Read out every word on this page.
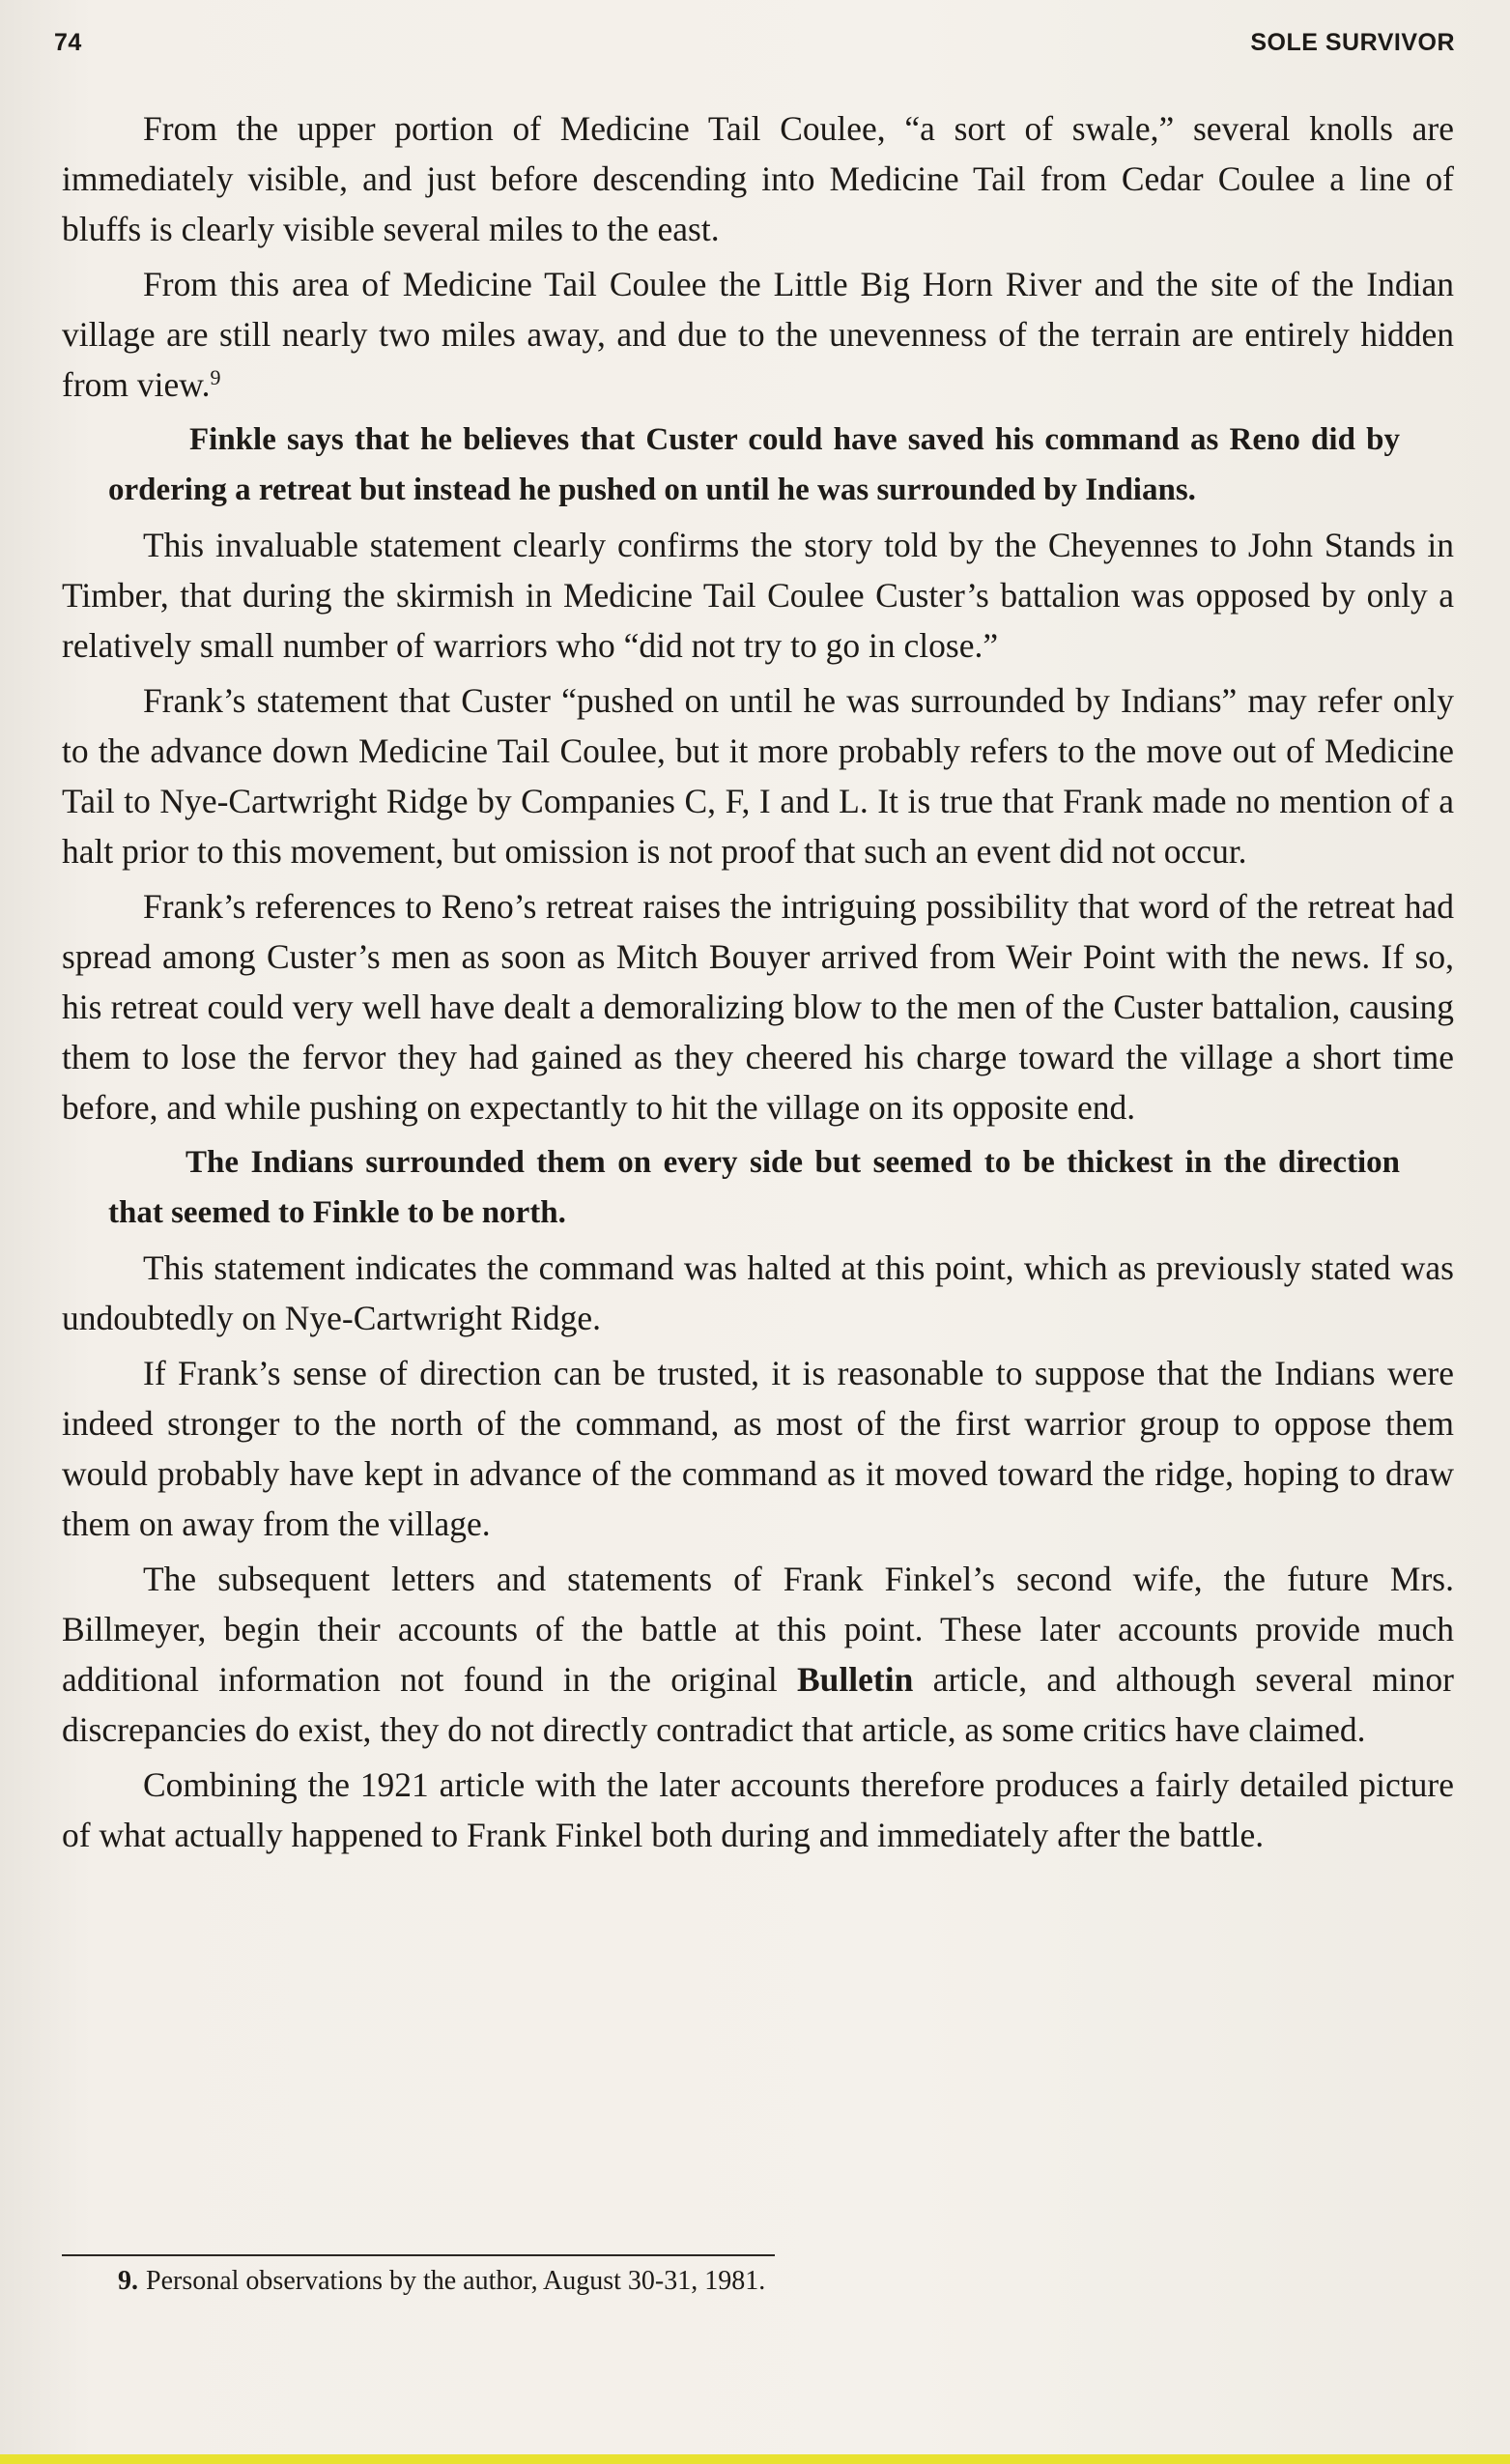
74	SOLE SURVIVOR

From the upper portion of Medicine Tail Coulee, “a sort of swale,” several knolls are immediately visible, and just before descending into Medicine Tail from Cedar Coulee a line of bluffs is clearly visible several miles to the east.

From this area of Medicine Tail Coulee the Little Big Horn River and the site of the Indian village are still nearly two miles away, and due to the unevenness of the terrain are entirely hidden from view.$^9$

Finkle says that he believes that Custer could have saved his command as Reno did by ordering a retreat but instead he pushed on until he was surrounded by Indians.

This invaluable statement clearly confirms the story told by the Cheyennes to John Stands in Timber, that during the skirmish in Medicine Tail Coulee Custer’s battalion was opposed by only a relatively small number of warriors who “did not try to go in close.”

Frank’s statement that Custer “pushed on until he was surrounded by Indians” may refer only to the advance down Medicine Tail Coulee, but it more probably refers to the move out of Medicine Tail to Nye-Cartwright Ridge by Companies C, F, I and L. It is true that Frank made no mention of a halt prior to this movement, but omission is not proof that such an event did not occur.

Frank’s references to Reno’s retreat raises the intriguing possibility that word of the retreat had spread among Custer’s men as soon as Mitch Bouyer arrived from Weir Point with the news. If so, his retreat could very well have dealt a demoralizing blow to the men of the Custer battalion, causing them to lose the fervor they had gained as they cheered his charge toward the village a short time before, and while pushing on expectantly to hit the village on its opposite end.

The Indians surrounded them on every side but seemed to be thickest in the direction that seemed to Finkle to be north.

This statement indicates the command was halted at this point, which as previously stated was undoubtedly on Nye-Cartwright Ridge.

If Frank’s sense of direction can be trusted, it is reasonable to suppose that the Indians were indeed stronger to the north of the command, as most of the first warrior group to oppose them would probably have kept in advance of the command as it moved toward the ridge, hoping to draw them on away from the village.

The subsequent letters and statements of Frank Finkel’s second wife, the future Mrs. Billmeyer, begin their accounts of the battle at this point. These later accounts provide much additional information not found in the original Bulletin article, and although several minor discrepancies do exist, they do not directly contradict that article, as some critics have claimed.

Combining the 1921 article with the later accounts therefore produces a fairly detailed picture of what actually happened to Frank Finkel both during and immediately after the battle.

9. Personal observations by the author, August 30-31, 1981.
